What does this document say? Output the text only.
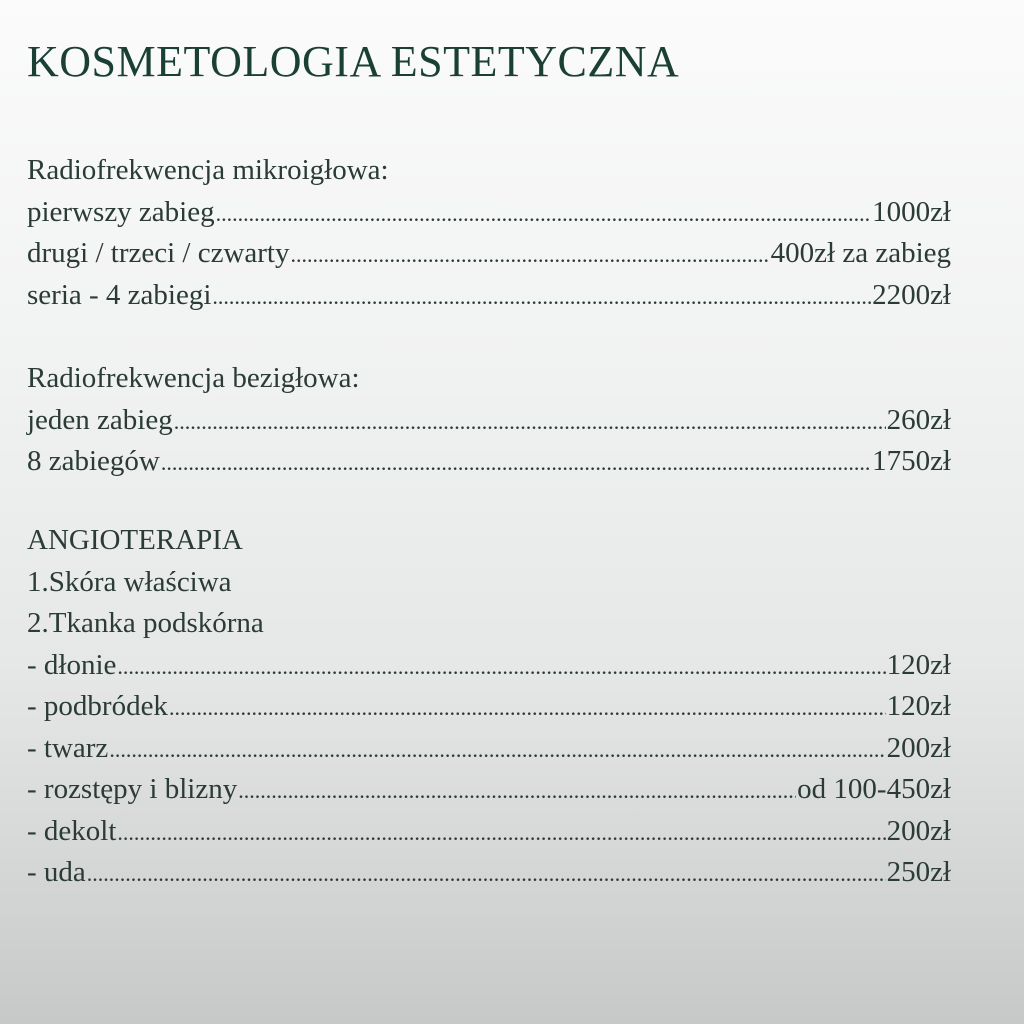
KOSMETOLOGIA ESTETYCZNA
Radiofrekwencja mikroigłowa:
pierwszy zabieg .....	1000zł
drugi / trzeci / czwarty .....	400zł za zabieg
seria - 4 zabiegi .....	2200zł
Radiofrekwencja bezigłowa:
jeden zabieg .....	260zł
8 zabiegów .....	1750zł
ANGIOTERAPIA
1.Skóra właściwa
2.Tkanka podskórna
- dłonie .....	120zł
- podbródek .....	120zł
- twarz .....	200zł
- rozstępy i blizny .....	od 100-450zł
- dekolt .....	200zł
- uda .....	250zł
